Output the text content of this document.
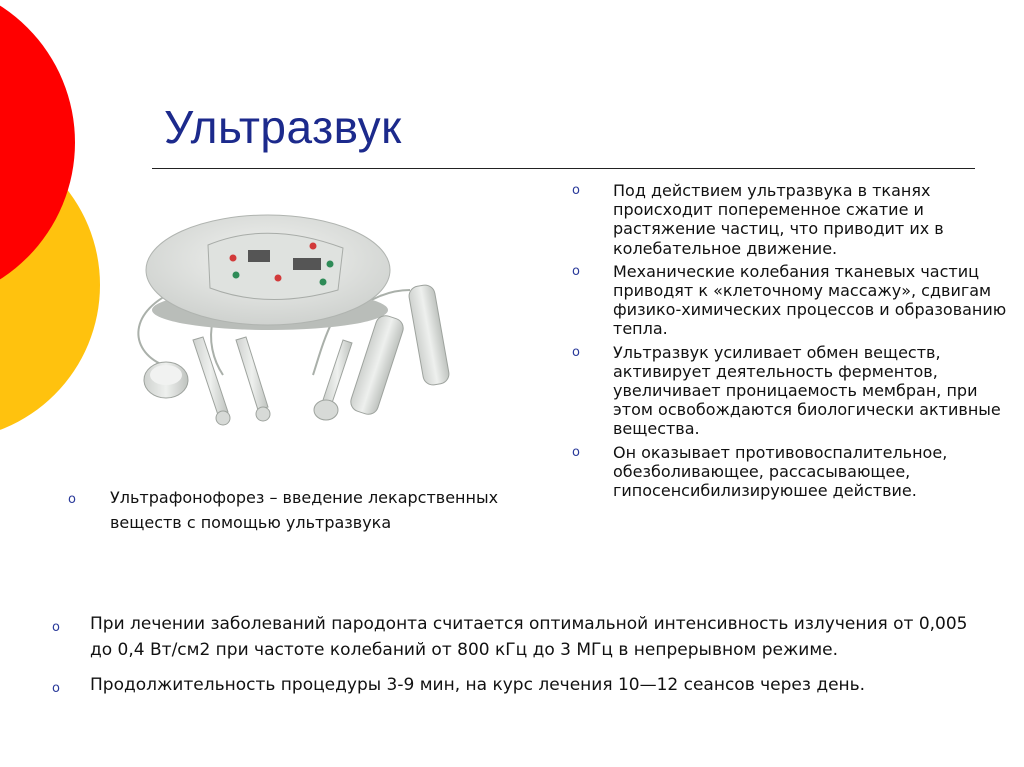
Ультразвук
o Под действием ультразвука в тканях происходит попеременное сжатие и растяжение частиц, что приводит их в колебательное движение.
o Механические колебания тканевых частиц приводят к «клеточному массажу», сдвигам физико-химических процессов и образованию тепла.
o Ультразвук усиливает обмен веществ, активирует деятельность ферментов, увеличивает проницаемость мембран, при этом освобождаются биологически активные вещества.
o Он оказывает противовоспалительное, обезболивающее, рассасывающее, гипосенсибилизируюшее действие.
o Ультрафонофорез – введение лекарственных веществ с помощью ультразвука
o При лечении заболеваний пародонта считается оптимальной интенсивность излучения от 0,005 до 0,4 Вт/см2 при частоте колебаний от 800 кГц до 3 МГц в непрерывном режиме.
o Продолжительность процедуры 3-9 мин, на курс лечения 10—12 сеансов через день.
